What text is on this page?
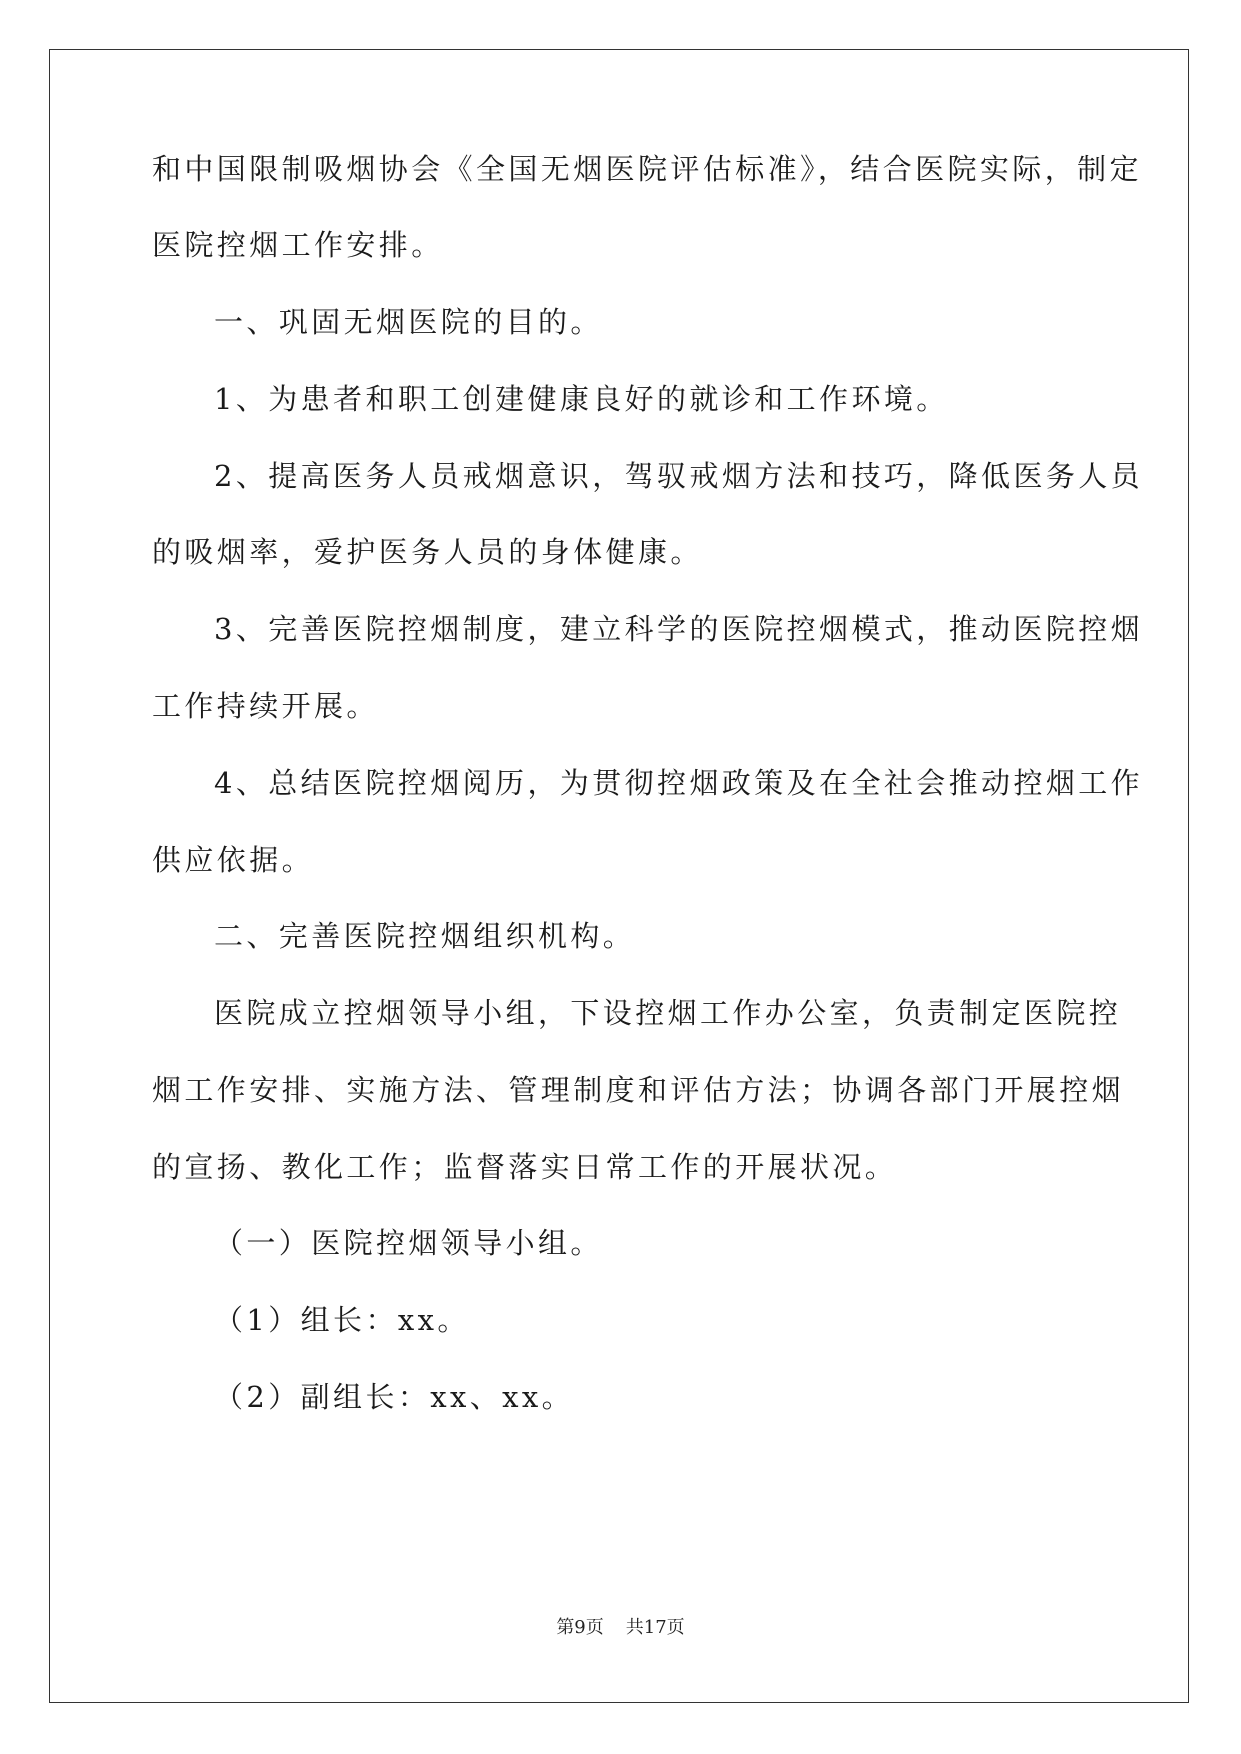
和中国限制吸烟协会《全国无烟医院评估标准》，结合医院实际，制定
医院控烟工作安排。
一、巩固无烟医院的目的。
1、为患者和职工创建健康良好的就诊和工作环境。
2、提高医务人员戒烟意识，驾驭戒烟方法和技巧，降低医务人员
的吸烟率，爱护医务人员的身体健康。
3、完善医院控烟制度，建立科学的医院控烟模式，推动医院控烟
工作持续开展。
4、总结医院控烟阅历，为贯彻控烟政策及在全社会推动控烟工作
供应依据。
二、完善医院控烟组织机构。
医院成立控烟领导小组，下设控烟工作办公室，负责制定医院控
烟工作安排、实施方法、管理制度和评估方法；协调各部门开展控烟
的宣扬、教化工作；监督落实日常工作的开展状况。
（一）医院控烟领导小组。
（1）组长：xx。
（2）副组长：xx、xx。
第9页 共17页
